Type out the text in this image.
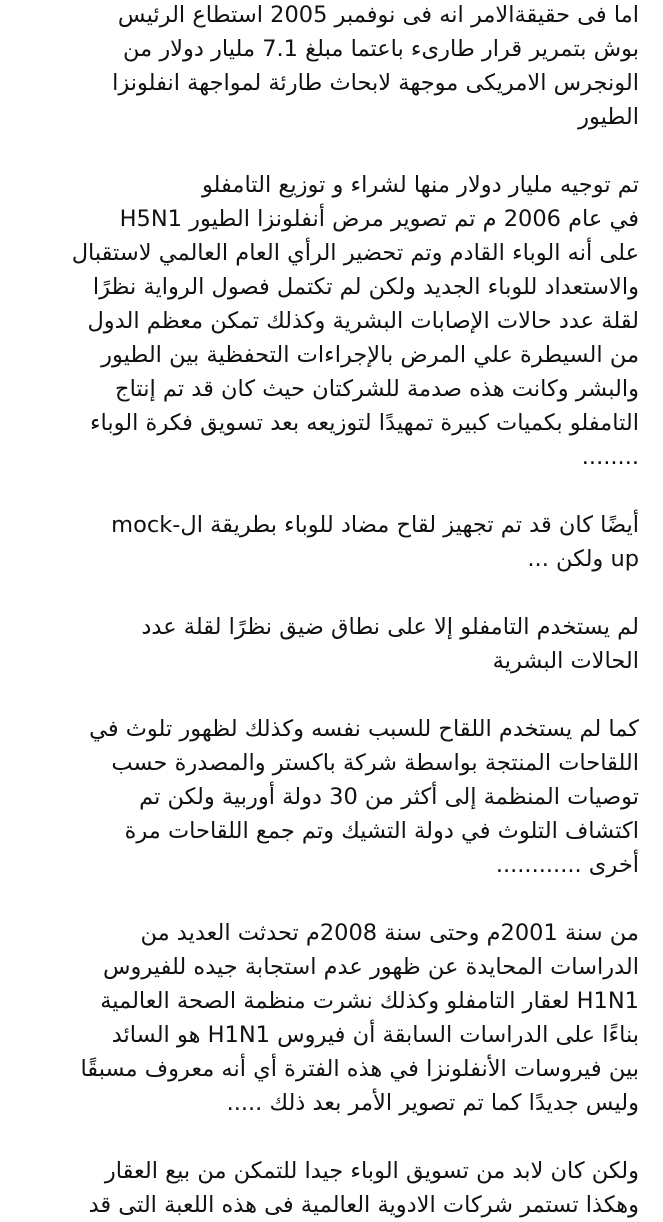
اما فى حقيقةالامر انه فى نوفمبر 2005 استطاع الرئيس
بوش بتمرير قرار طارىء باعتما مبلغ 7.1 مليار دولار من
الونجرس الامريكى موجهة لابحاث طارئة لمواجهة انفلونزا
الطيور
تم توجيه مليار دولار منها لشراء و توزيع التامفلو
في عام 2006 م تم تصوير مرض أنفلونزا الطيور H5N1
على أنه الوباء القادم وتم تحضير الرأي العام العالمي لاستقبال
والاستعداد للوباء الجديد ولكن لم تكتمل فصول الرواية نظرًا
لقلة عدد حالات الإصابات البشرية وكذلك تمكن معظم الدول
من السيطرة علي المرض بالإجراءات التحفظية بين الطيور
والبشر وكانت هذه صدمة للشركتان حيث كان قد تم إنتاج
التامفلو بكميات كبيرة تمهيدًا لتوزيعه بعد تسويق فكرة الوباء
........
أيضًا كان قد تم تجهيز لقاح مضاد للوباء بطريقة ال-mock
up ولكن ...
لم يستخدم التامفلو إلا على نطاق ضيق نظرًا لقلة عدد
الحالات البشرية
كما لم يستخدم اللقاح للسبب نفسه وكذلك لظهور تلوث في
اللقاحات المنتجة بواسطة شركة باكستر والمصدرة حسب
توصيات المنظمة إلى أكثر من 30 دولة أوربية ولكن تم
اكتشاف التلوث في دولة التشيك وتم جمع اللقاحات مرة
أخرى ............
من سنة 2001م وحتى سنة 2008م تحدثت العديد من
الدراسات المحايدة عن ظهور عدم استجابة جيده للفيروس
H1N1 لعقار التامفلو وكذلك نشرت منظمة الصحة العالمية
بناءًا على الدراسات السابقة أن فيروس H1N1 هو السائد
بين فيروسات الأنفلونزا في هذه الفترة أي أنه معروف مسبقًا
وليس جديدًا كما تم تصوير الأمر بعد ذلك .....
ولكن كان لابد من تسويق الوباء جيدا للتمكن من بيع العقار
وهكذا تستمر شركات الادوية العالمية فى هذه اللعبة التى قد
